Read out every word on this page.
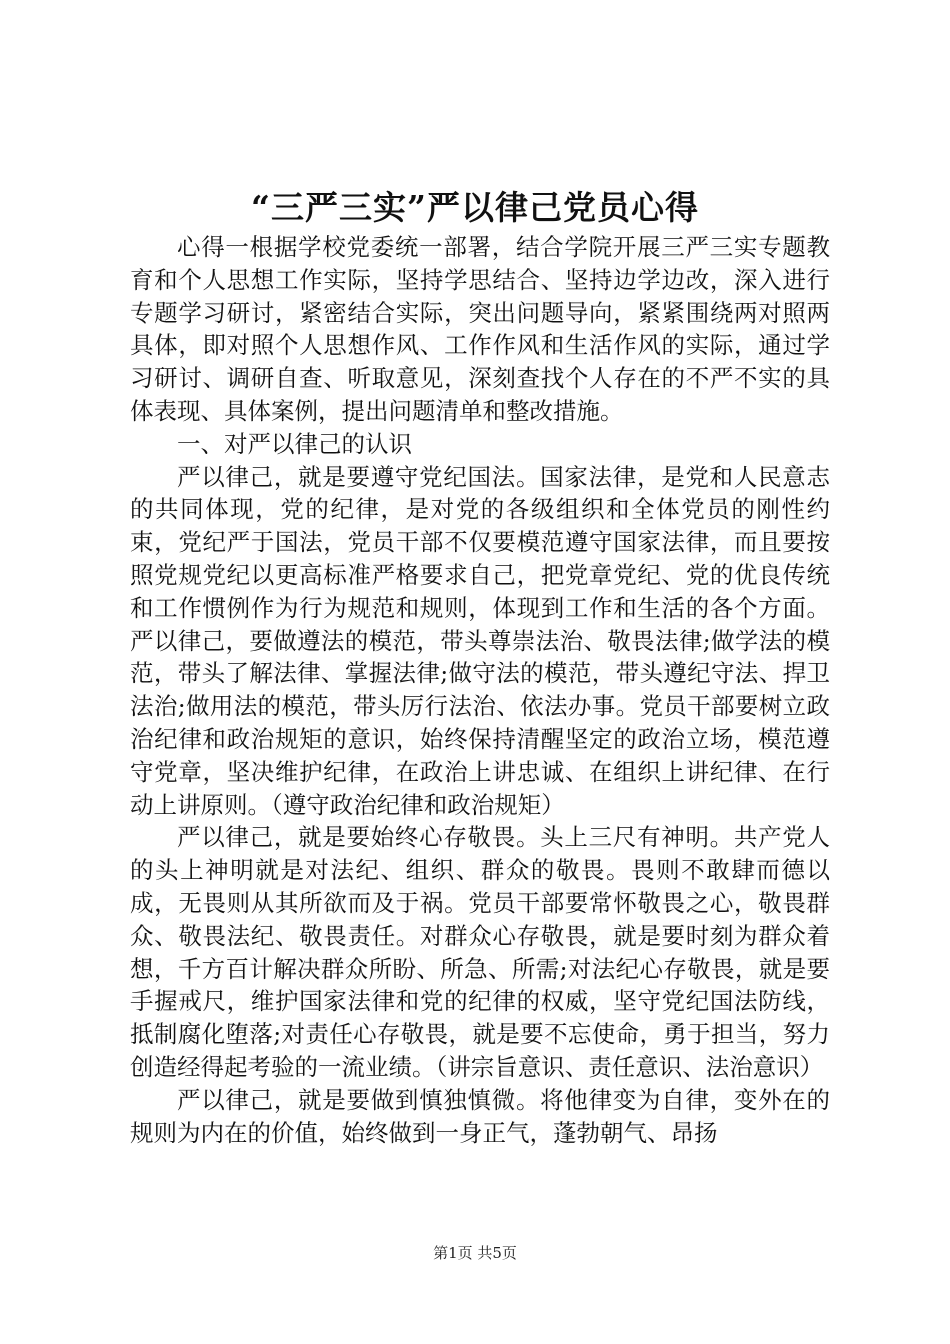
“三严三实”严以律己党员心得

心得一根据学校党委统一部署，结合学院开展三严三实专题教育和个人思想工作实际，坚持学思结合、坚持边学边改，深入进行专题学习研讨，紧密结合实际，突出问题导向，紧紧围绕两对照两具体，即对照个人思想作风、工作作风和生活作风的实际，通过学习研讨、调研自查、听取意见，深刻查找个人存在的不严不实的具体表现、具体案例，提出问题清单和整改措施。

一、对严以律己的认识

严以律己，就是要遵守党纪国法。国家法律，是党和人民意志的共同体现，党的纪律，是对党的各级组织和全体党员的刚性约束，党纪严于国法，党员干部不仅要模范遵守国家法律，而且要按照党规党纪以更高标准严格要求自己，把党章党纪、党的优良传统和工作惯例作为行为规范和规则，体现到工作和生活的各个方面。严以律己，要做遵法的模范，带头尊崇法治、敬畏法律;做学法的模范，带头了解法律、掌握法律;做守法的模范，带头遵纪守法、捍卫法治;做用法的模范，带头厉行法治、依法办事。党员干部要树立政治纪律和政治规矩的意识，始终保持清醒坚定的政治立场，模范遵守党章，坚决维护纪律，在政治上讲忠诚、在组织上讲纪律、在行动上讲原则。（遵守政治纪律和政治规矩）

严以律己，就是要始终心存敬畏。头上三尺有神明。共产党人的头上神明就是对法纪、组织、群众的敬畏。畏则不敢肆而德以成，无畏则从其所欲而及于祸。党员干部要常怀敬畏之心，敬畏群众、敬畏法纪、敬畏责任。对群众心存敬畏，就是要时刻为群众着想，千方百计解决群众所盼、所急、所需;对法纪心存敬畏，就是要手握戒尺，维护国家法律和党的纪律的权威，坚守党纪国法防线，抵制腐化堕落;对责任心存敬畏，就是要不忘使命，勇于担当，努力创造经得起考验的一流业绩。（讲宗旨意识、责任意识、法治意识）

严以律己，就是要做到慎独慎微。将他律变为自律，变外在的规则为内在的价值，始终做到一身正气，蓬勃朝气、昂扬

第1页 共5页
